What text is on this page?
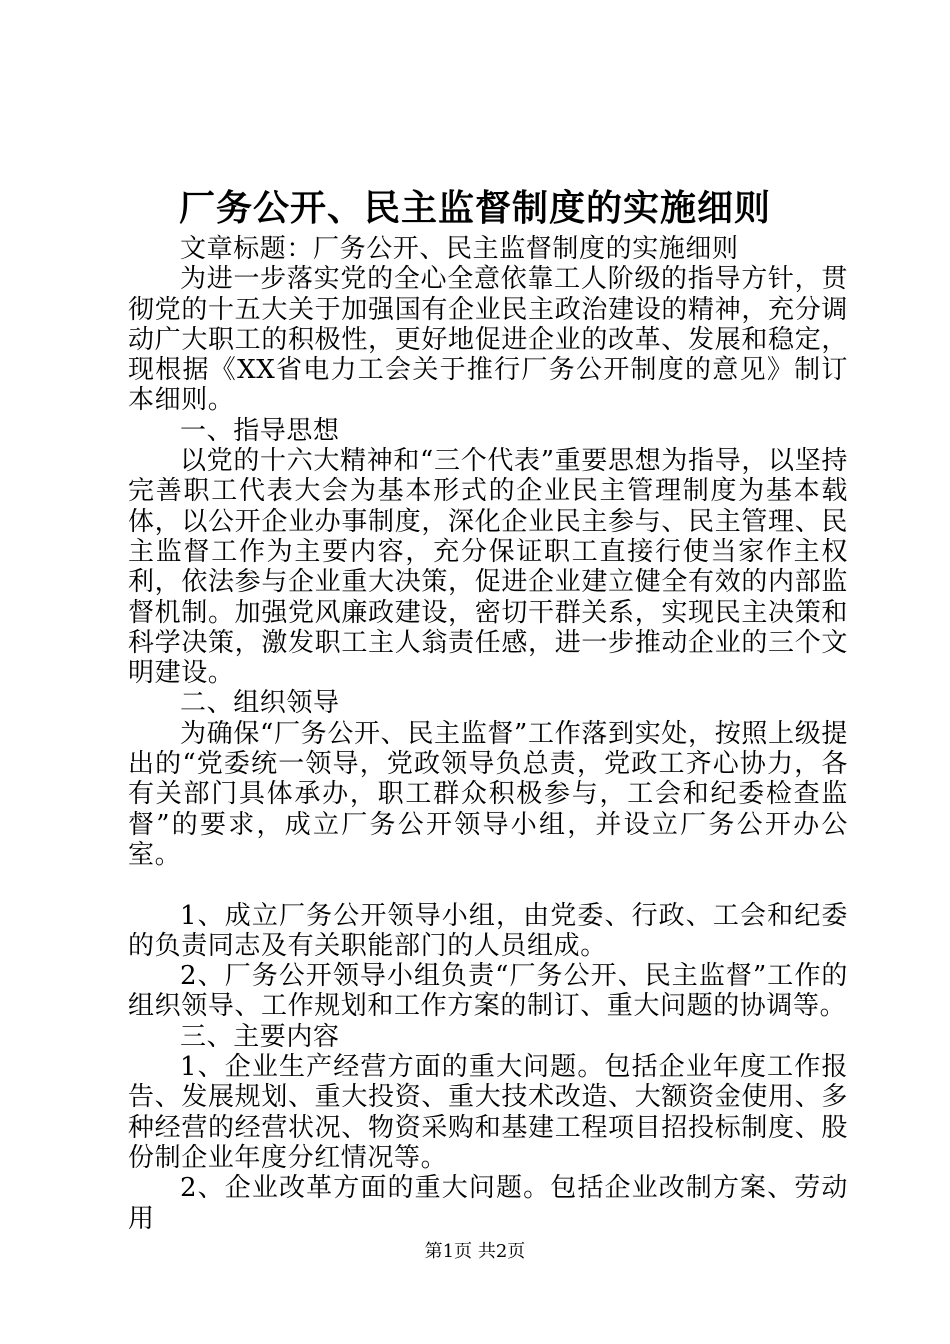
厂务公开、民主监督制度的实施细则

文章标题：厂务公开、民主监督制度的实施细则

为进一步落实党的全心全意依靠工人阶级的指导方针，贯彻党的十五大关于加强国有企业民主政治建设的精神，充分调动广大职工的积极性，更好地促进企业的改革、发展和稳定，现根据《XX省电力工会关于推行厂务公开制度的意见》制订本细则。

一、指导思想

以党的十六大精神和“三个代表”重要思想为指导，以坚持完善职工代表大会为基本形式的企业民主管理制度为基本载体，以公开企业办事制度，深化企业民主参与、民主管理、民主监督工作为主要内容，充分保证职工直接行使当家作主权利，依法参与企业重大决策，促进企业建立健全有效的内部监督机制。加强党风廉政建设，密切干群关系，实现民主决策和科学决策，激发职工主人翁责任感，进一步推动企业的三个文明建设。

二、组织领导

为确保“厂务公开、民主监督”工作落到实处，按照上级提出的“党委统一领导，党政领导负总责，党政工齐心协力，各有关部门具体承办，职工群众积极参与，工会和纪委检查监督”的要求，成立厂务公开领导小组，并设立厂务公开办公室。

1、成立厂务公开领导小组，由党委、行政、工会和纪委的负责同志及有关职能部门的人员组成。

2、厂务公开领导小组负责“厂务公开、民主监督”工作的组织领导、工作规划和工作方案的制订、重大问题的协调等。

三、主要内容

1、企业生产经营方面的重大问题。包括企业年度工作报告、发展规划、重大投资、重大技术改造、大额资金使用、多种经营的经营状况、物资采购和基建工程项目招投标制度、股份制企业年度分红情况等。

2、企业改革方面的重大问题。包括企业改制方案、劳动用

第1页 共2页
